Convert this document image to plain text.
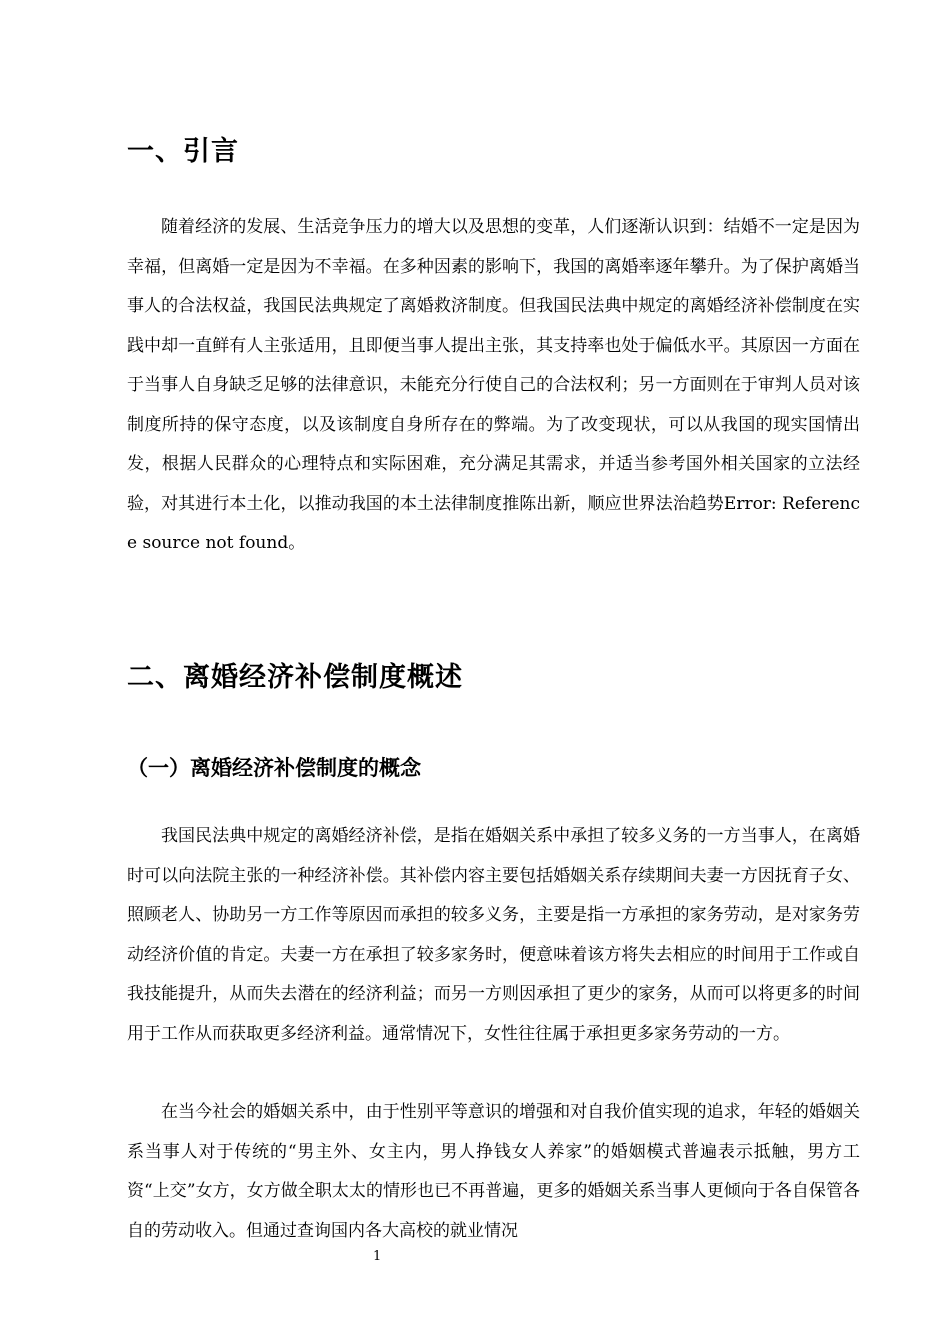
一、引言

随着经济的发展、生活竞争压力的增大以及思想的变革，人们逐渐认识到：结婚不一定是因为幸福，但离婚一定是因为不幸福。在多种因素的影响下，我国的离婚率逐年攀升。为了保护离婚当事人的合法权益，我国民法典规定了离婚救济制度。但我国民法典中规定的离婚经济补偿制度在实践中却一直鲜有人主张适用，且即便当事人提出主张，其支持率也处于偏低水平。其原因一方面在于当事人自身缺乏足够的法律意识，未能充分行使自己的合法权利；另一方面则在于审判人员对该制度所持的保守态度，以及该制度自身所存在的弊端。为了改变现状，可以从我国的现实国情出发，根据人民群众的心理特点和实际困难，充分满足其需求，并适当参考国外相关国家的立法经验，对其进行本土化，以推动我国的本土法律制度推陈出新，顺应世界法治趋势Error: Reference source not found。

二、离婚经济补偿制度概述
（一）离婚经济补偿制度的概念

我国民法典中规定的离婚经济补偿，是指在婚姻关系中承担了较多义务的一方当事人，在离婚时可以向法院主张的一种经济补偿。其补偿内容主要包括婚姻关系存续期间夫妻一方因抚育子女、照顾老人、协助另一方工作等原因而承担的较多义务，主要是指一方承担的家务劳动，是对家务劳动经济价值的肯定。夫妻一方在承担了较多家务时，便意味着该方将失去相应的时间用于工作或自我技能提升，从而失去潜在的经济利益；而另一方则因承担了更少的家务，从而可以将更多的时间用于工作从而获取更多经济利益。通常情况下，女性往往属于承担更多家务劳动的一方。

在当今社会的婚姻关系中，由于性别平等意识的增强和对自我价值实现的追求，年轻的婚姻关系当事人对于传统的“男主外、女主内，男人挣钱女人养家”的婚姻模式普遍表示抵触，男方工资“上交”女方，女方做全职太太的情形也已不再普遍，更多的婚姻关系当事人更倾向于各自保管各自的劳动收入。但通过查询国内各大高校的就业情况

1
